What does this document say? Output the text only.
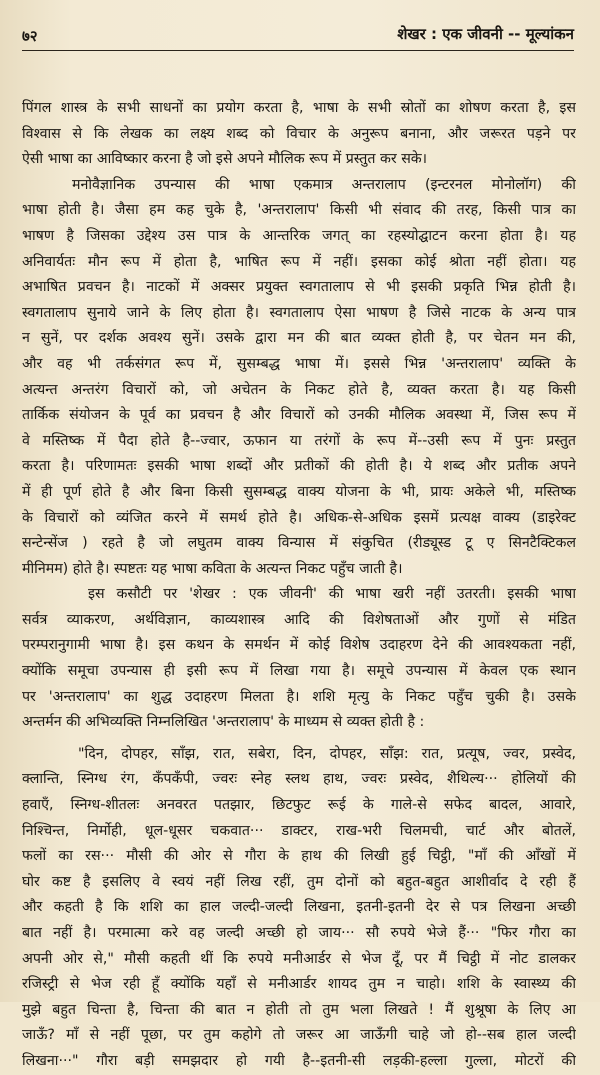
७२	शेखर : एक जीवनी -- मूल्यांकन
पिंगल शास्त्र के सभी साधनों का प्रयोग करता है, भाषा के सभी स्रोतों का शोषण करता है, इस
विश्वास से कि लेखक का लक्ष्य शब्द को विचार के अनुरूप बनाना, और जरूरत पड़ने पर
ऐसी भाषा का आविष्कार करना है जो इसे अपने मौलिक रूप में प्रस्तुत कर सके।
मनोवैज्ञानिक उपन्यास की भाषा एकमात्र अन्तरालाप (इन्टरनल मोनोलॉग) की
भाषा होती है। जैसा हम कह चुके है, 'अन्तरालाप' किसी भी संवाद की तरह, किसी पात्र का
भाषण है जिसका उद्देश्य उस पात्र के आन्तरिक जगत् का रहस्योद्घाटन करना होता है। यह
अनिवार्यतः मौन रूप में होता है, भाषित रूप में नहीं। इसका कोई श्रोता नहीं होता। यह
अभाषित प्रवचन है। नाटकों में अक्सर प्रयुक्त स्वगतालाप से भी इसकी प्रकृति भिन्न होती है।
स्वगतालाप सुनाये जाने के लिए होता है। स्वगतालाप ऐसा भाषण है जिसे नाटक के अन्य पात्र
न सुनें, पर दर्शक अवश्य सुनें। उसके द्वारा मन की बात व्यक्त होती है, पर चेतन मन की,
और वह भी तर्कसंगत रूप में, सुसम्बद्ध भाषा में। इससे भिन्न 'अन्तरालाप' व्यक्ति के
अत्यन्त अन्तरंग विचारों को, जो अचेतन के निकट होते है, व्यक्त करता है। यह किसी
तार्किक संयोजन के पूर्व का प्रवचन है और विचारों को उनकी मौलिक अवस्था में, जिस रूप में
वे मस्तिष्क में पैदा होते है--ज्वार, ऊफान या तरंगों के रूप में--उसी रूप में पुनः प्रस्तुत
करता है। परिणामतः इसकी भाषा शब्दों और प्रतीकों की होती है। ये शब्द और प्रतीक अपने
में ही पूर्ण होते है और बिना किसी सुसम्बद्ध वाक्य योजना के भी, प्रायः अकेले भी, मस्तिष्क
के विचारों को व्यंजित करने में समर्थ होते है। अधिक-से-अधिक इसमें प्रत्यक्ष वाक्य (डाइरेक्ट
सन्टेन्सेंज ) रहते है जो लघुतम वाक्य विन्यास में संकुचित (रीड्यूस्ड टू ए सिनटैक्टिकल
मीनिमम) होते है। स्पष्टतः यह भाषा कविता के अत्यन्त निकट पहुँच जाती है।
इस कसौटी पर 'शेखर : एक जीवनी' की भाषा खरी नहीं उतरती। इसकी भाषा
सर्वत्र व्याकरण, अर्थविज्ञान, काव्यशास्त्र आदि की विशेषताओं और गुणों से मंडित
परम्परानुगामी भाषा है। इस कथन के समर्थन में कोई विशेष उदाहरण देने की आवश्यकता नहीं,
क्योंकि समूचा उपन्यास ही इसी रूप में लिखा गया है। समूचे उपन्यास में केवल एक स्थान
पर 'अन्तरालाप' का शुद्ध उदाहरण मिलता है। शशि मृत्यु के निकट पहुँच चुकी है। उसके
अन्तर्मन की अभिव्यक्ति निम्नलिखित 'अन्तरालाप' के माध्यम से व्यक्त होती है :
"दिन, दोपहर, साँझ, रात, सबेरा, दिन, दोपहर, साँझ: रात, प्रत्यूष, ज्वर, प्रस्वेद,
क्लान्ति, स्निग्ध रंग, कँपकँपी, ज्वरः स्नेह स्लथ हाथ, ज्वरः प्रस्वेद, शैथिल्य··· होलियों की
हवाएँ, स्निग्ध-शीतलः अनवरत पतझार, छिटफुट रूई के गाले-से सफेद बादल, आवारे,
निश्चिन्त, निर्मोही, धूल-धूसर चकवात··· डाक्टर, राख-भरी चिलमची, चार्ट और बोतलें,
फलों का रस··· मौसी की ओर से गौरा के हाथ की लिखी हुई चिट्ठी, "माँ की आँखों में
घोर कष्ट है इसलिए वे स्वयं नहीं लिख रहीं, तुम दोनों को बहुत-बहुत आशीर्वाद दे रही हैं
और कहती है कि शशि का हाल जल्दी-जल्दी लिखना, इतनी-इतनी देर से पत्र लिखना अच्छी
बात नहीं है। परमात्मा करे वह जल्दी अच्छी हो जाय··· सौ रुपये भेजे हैं··· "फिर गौरा का
अपनी ओर से," मौसी कहती थीं कि रुपये मनीआर्डर से भेज दूँ, पर मैं चिट्ठी में नोट डालकर
रजिस्ट्री से भेज रही हूँ क्योंकि यहाँ से मनीआर्डर शायद तुम न चाहो। शशि के स्वास्थ्य की
मुझे बहुत चिन्ता है, चिन्ता की बात न होती तो तुम भला लिखते ! मैं शुश्रूषा के लिए आ
जाऊँ? माँ से नहीं पूछा, पर तुम कहोगे तो जरूर आ जाऊँगी चाहे जो हो--सब हाल जल्दी
लिखना···" गौरा बड़ी समझदार हो गयी है--इतनी-सी लड़की-हल्ला गुल्ला, मोटरों की
